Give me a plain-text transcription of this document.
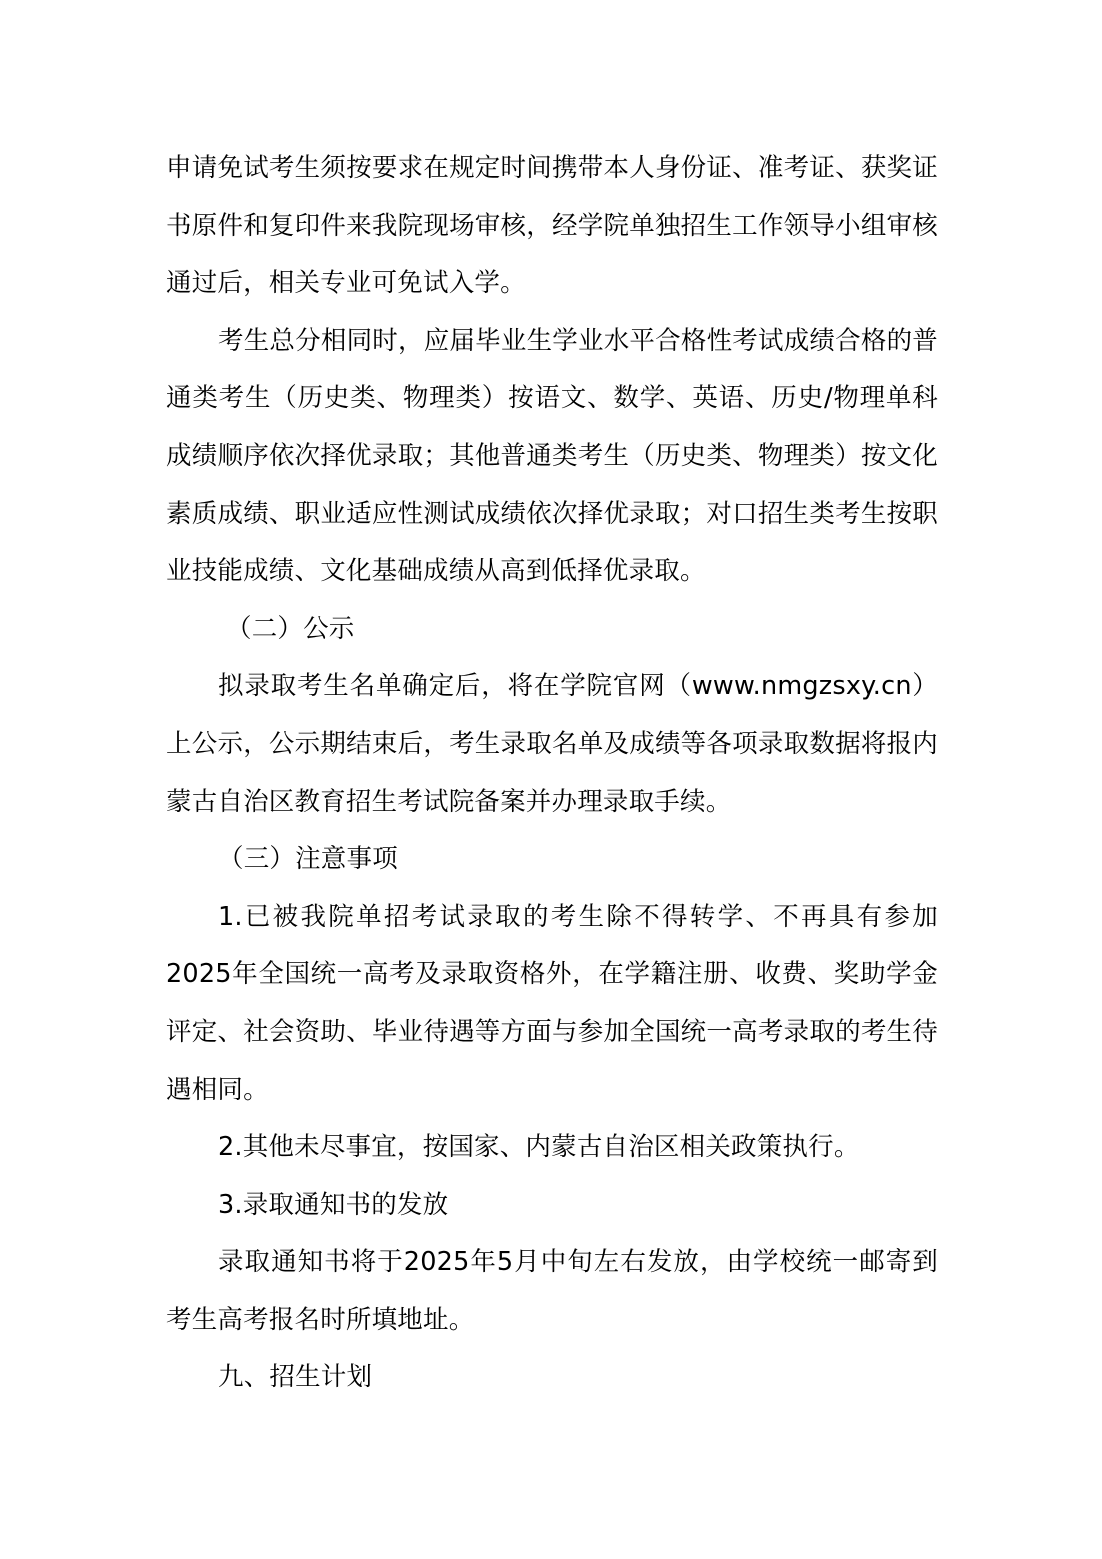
申请免试考生须按要求在规定时间携带本人身份证、准考证、获奖证书原件和复印件来我院现场审核，经学院单独招生工作领导小组审核通过后，相关专业可免试入学。

考生总分相同时，应届毕业生学业水平合格性考试成绩合格的普通类考生（历史类、物理类）按语文、数学、英语、历史/物理单科成绩顺序依次择优录取；其他普通类考生（历史类、物理类）按文化素质成绩、职业适应性测试成绩依次择优录取；对口招生类考生按职业技能成绩、文化基础成绩从高到低择优录取。

（二）公示

拟录取考生名单确定后，将在学院官网（www.nmgzsxy.cn）上公示，公示期结束后，考生录取名单及成绩等各项录取数据将报内蒙古自治区教育招生考试院备案并办理录取手续。

（三）注意事项

1.已被我院单招考试录取的考生除不得转学、不再具有参加2025年全国统一高考及录取资格外，在学籍注册、收费、奖助学金评定、社会资助、毕业待遇等方面与参加全国统一高考录取的考生待遇相同。

2.其他未尽事宜，按国家、内蒙古自治区相关政策执行。

3.录取通知书的发放

录取通知书将于2025年5月中旬左右发放，由学校统一邮寄到考生高考报名时所填地址。

九、招生计划
